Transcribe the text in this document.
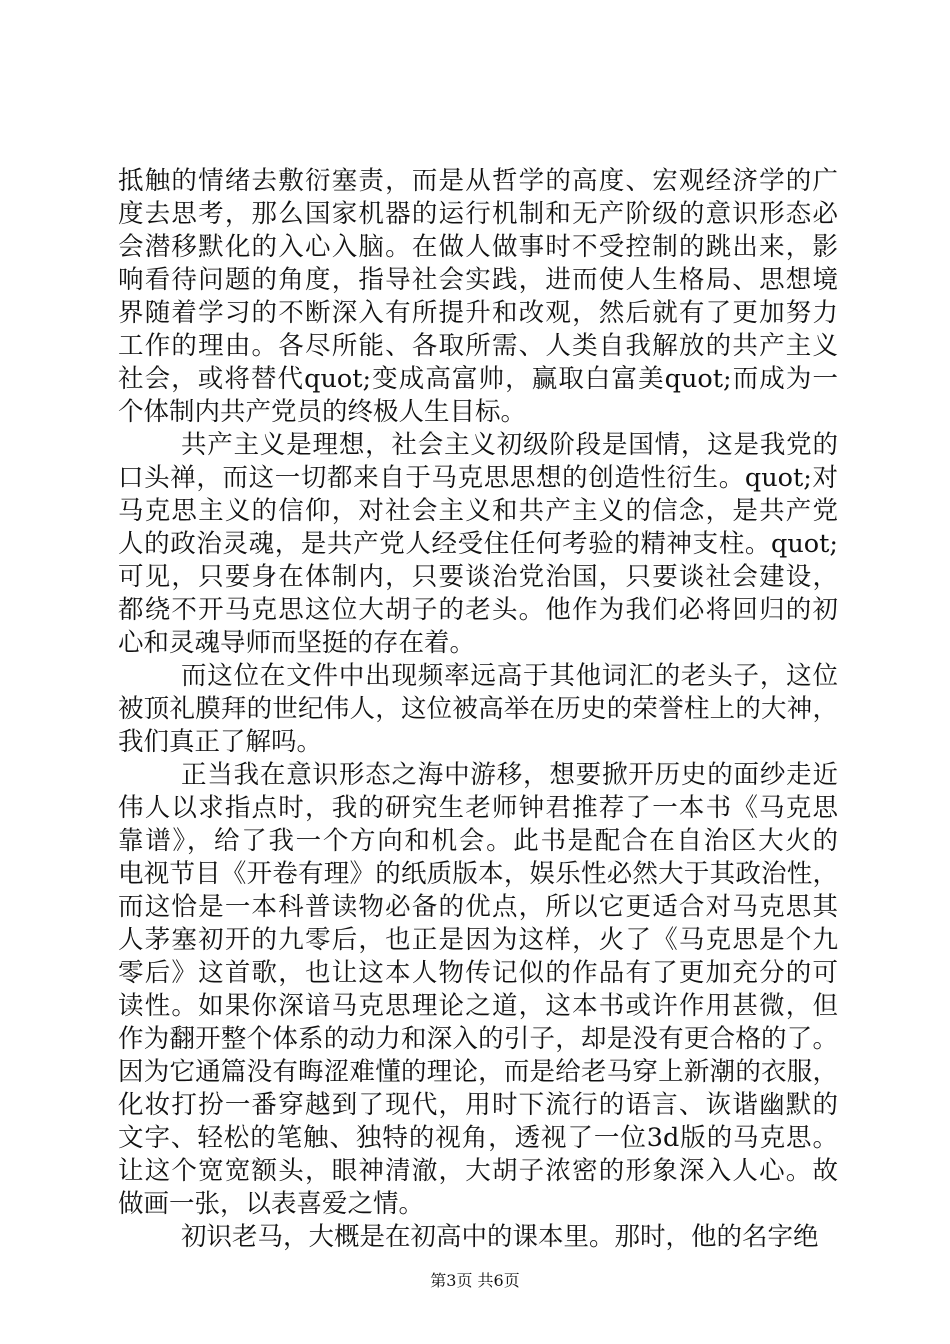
抵触的情绪去敷衍塞责，而是从哲学的高度、宏观经济学的广
度去思考，那么国家机器的运行机制和无产阶级的意识形态必
会潜移默化的入心入脑。在做人做事时不受控制的跳出来，影
响看待问题的角度，指导社会实践，进而使人生格局、思想境
界随着学习的不断深入有所提升和改观，然后就有了更加努力
工作的理由。各尽所能、各取所需、人类自我解放的共产主义
社会，或将替代quot;变成高富帅，赢取白富美quot;而成为一
个体制内共产党员的终极人生目标。
共产主义是理想，社会主义初级阶段是国情，这是我党的
口头禅，而这一切都来自于马克思思想的创造性衍生。quot;对
马克思主义的信仰，对社会主义和共产主义的信念，是共产党
人的政治灵魂，是共产党人经受住任何考验的精神支柱。quot;
可见，只要身在体制内，只要谈治党治国，只要谈社会建设，
都绕不开马克思这位大胡子的老头。他作为我们必将回归的初
心和灵魂导师而坚挺的存在着。
而这位在文件中出现频率远高于其他词汇的老头子，这位
被顶礼膜拜的世纪伟人，这位被高举在历史的荣誉柱上的大神，
我们真正了解吗。
正当我在意识形态之海中游移，想要掀开历史的面纱走近
伟人以求指点时，我的研究生老师钟君推荐了一本书《马克思
靠谱》，给了我一个方向和机会。此书是配合在自治区大火的
电视节目《开卷有理》的纸质版本，娱乐性必然大于其政治性，
而这恰是一本科普读物必备的优点，所以它更适合对马克思其
人茅塞初开的九零后，也正是因为这样，火了《马克思是个九
零后》这首歌，也让这本人物传记似的作品有了更加充分的可
读性。如果你深谙马克思理论之道，这本书或许作用甚微，但
作为翻开整个体系的动力和深入的引子，却是没有更合格的了。
因为它通篇没有晦涩难懂的理论，而是给老马穿上新潮的衣服，
化妆打扮一番穿越到了现代，用时下流行的语言、诙谐幽默的
文字、轻松的笔触、独特的视角，透视了一位3d版的马克思。
让这个宽宽额头，眼神清澈，大胡子浓密的形象深入人心。故
做画一张，以表喜爱之情。
初识老马，大概是在初高中的课本里。那时，他的名字绝
第3页 共6页
